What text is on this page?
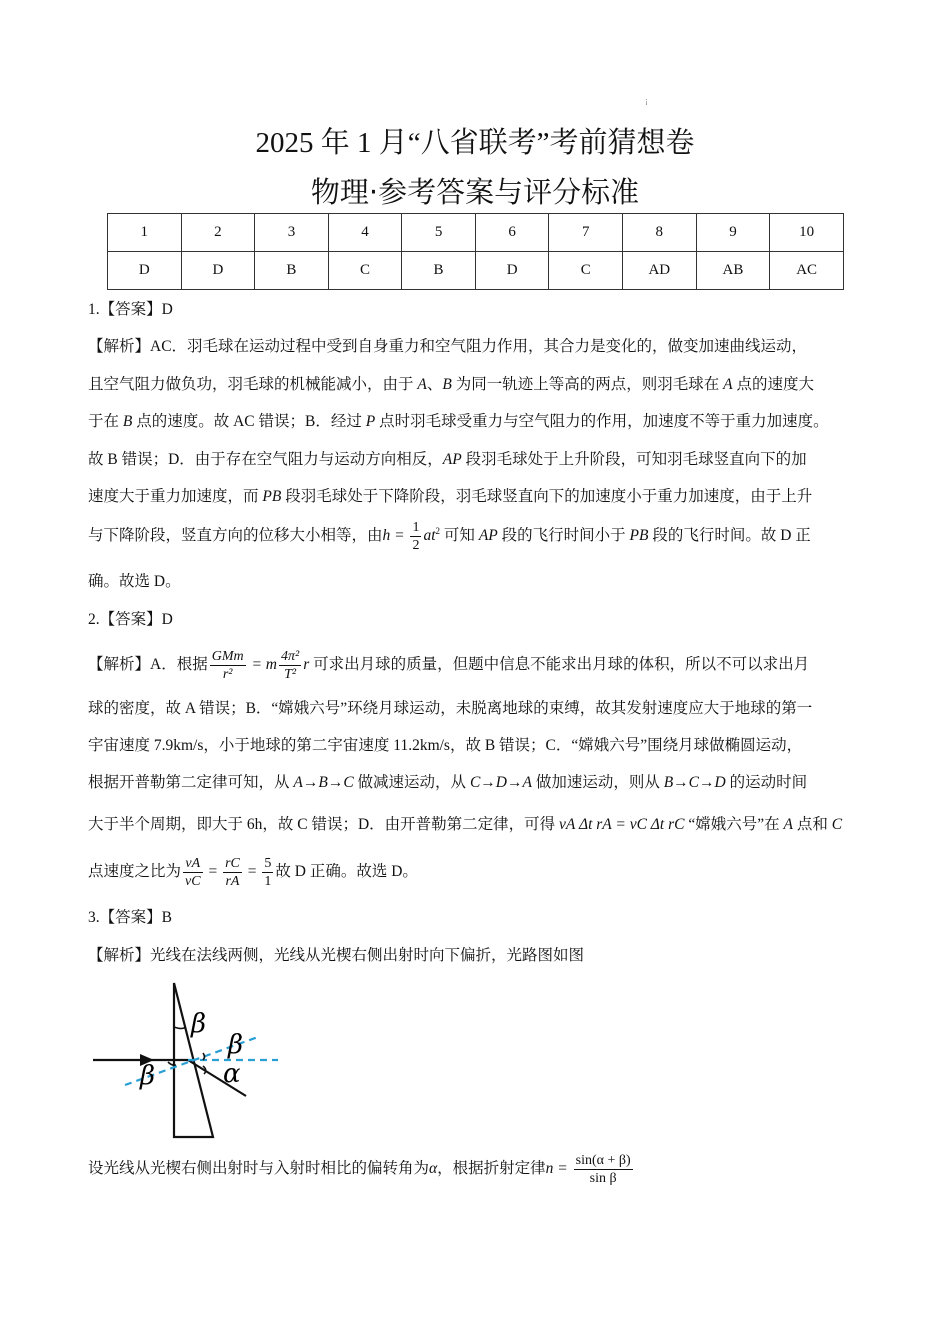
¡
2025 年 1 月“八省联考”考前猜想卷
物理·参考答案与评分标准
1	2	3	4	5	6	7	8	9	10
D	D	B	C	B	D	C	AD	AB	AC
1.【答案】D
【解析】AC．羽毛球在运动过程中受到自身重力和空气阻力作用，其合力是变化的，做变加速曲线运动，
且空气阻力做负功，羽毛球的机械能减小，由于 A、B 为同一轨迹上等高的两点，则羽毛球在 A 点的速度大
于在 B 点的速度。故 AC 错误；B．经过 P 点时羽毛球受重力与空气阻力的作用，加速度不等于重力加速度。
故 B 错误；D．由于存在空气阻力与运动方向相反，AP 段羽毛球处于上升阶段，可知羽毛球竖直向下的加
速度大于重力加速度，而 PB 段羽毛球处于下降阶段，羽毛球竖直向下的加速度小于重力加速度，由于上升
与下降阶段，竖直方向的位移大小相等，由$h = \frac{1}{2} at^2$ 可知 AP 段的飞行时间小于 PB 段的飞行时间。故 D 正
确。故选 D。
2.【答案】D
【解析】A．根据 $\frac{\text{GMm}}{\text{r²}} = m \frac{\text{4π²}}{\text{T²}}$ r 可求出月球的质量，但题中信息不能求出月球的体积，所以不可以求出月
球的密度，故 A 错误；B．“嫦娥六号”环绕月球运动，未脱离地球的束缚，故其发射速度应大于地球的第一
宇宙速度 7.9km/s，小于地球的第二宇宙速度 11.2km/s，故 B 错误；C．“嫦娥六号”围绕月球做椭圆运动，
根据开普勒第二定律可知，从 A→B→C 做减速运动，从 C→D→A 做加速运动，则从 B→C→D 的运动时间
大于半个周期，即大于 6h，故 C 错误；D．由开普勒第二定律，可得 vA Δt rA = vC Δt rC “嫦娥六号”在 A 点和 C
点速度之比为 $\frac{vA}{vC} = \frac{rC}{rA} = \frac{5}{1}$ 故 D 正确。故选 D。
3.【答案】B
【解析】光线在法线两侧，光线从光楔右侧出射时向下偏折，光路图如图
β
β
β	α
设光线从光楔右侧出射时与入射时相比的偏转角为α，根据折射定律$n = \frac{\sin(\alpha + \beta)}{\text{sin β}}$
